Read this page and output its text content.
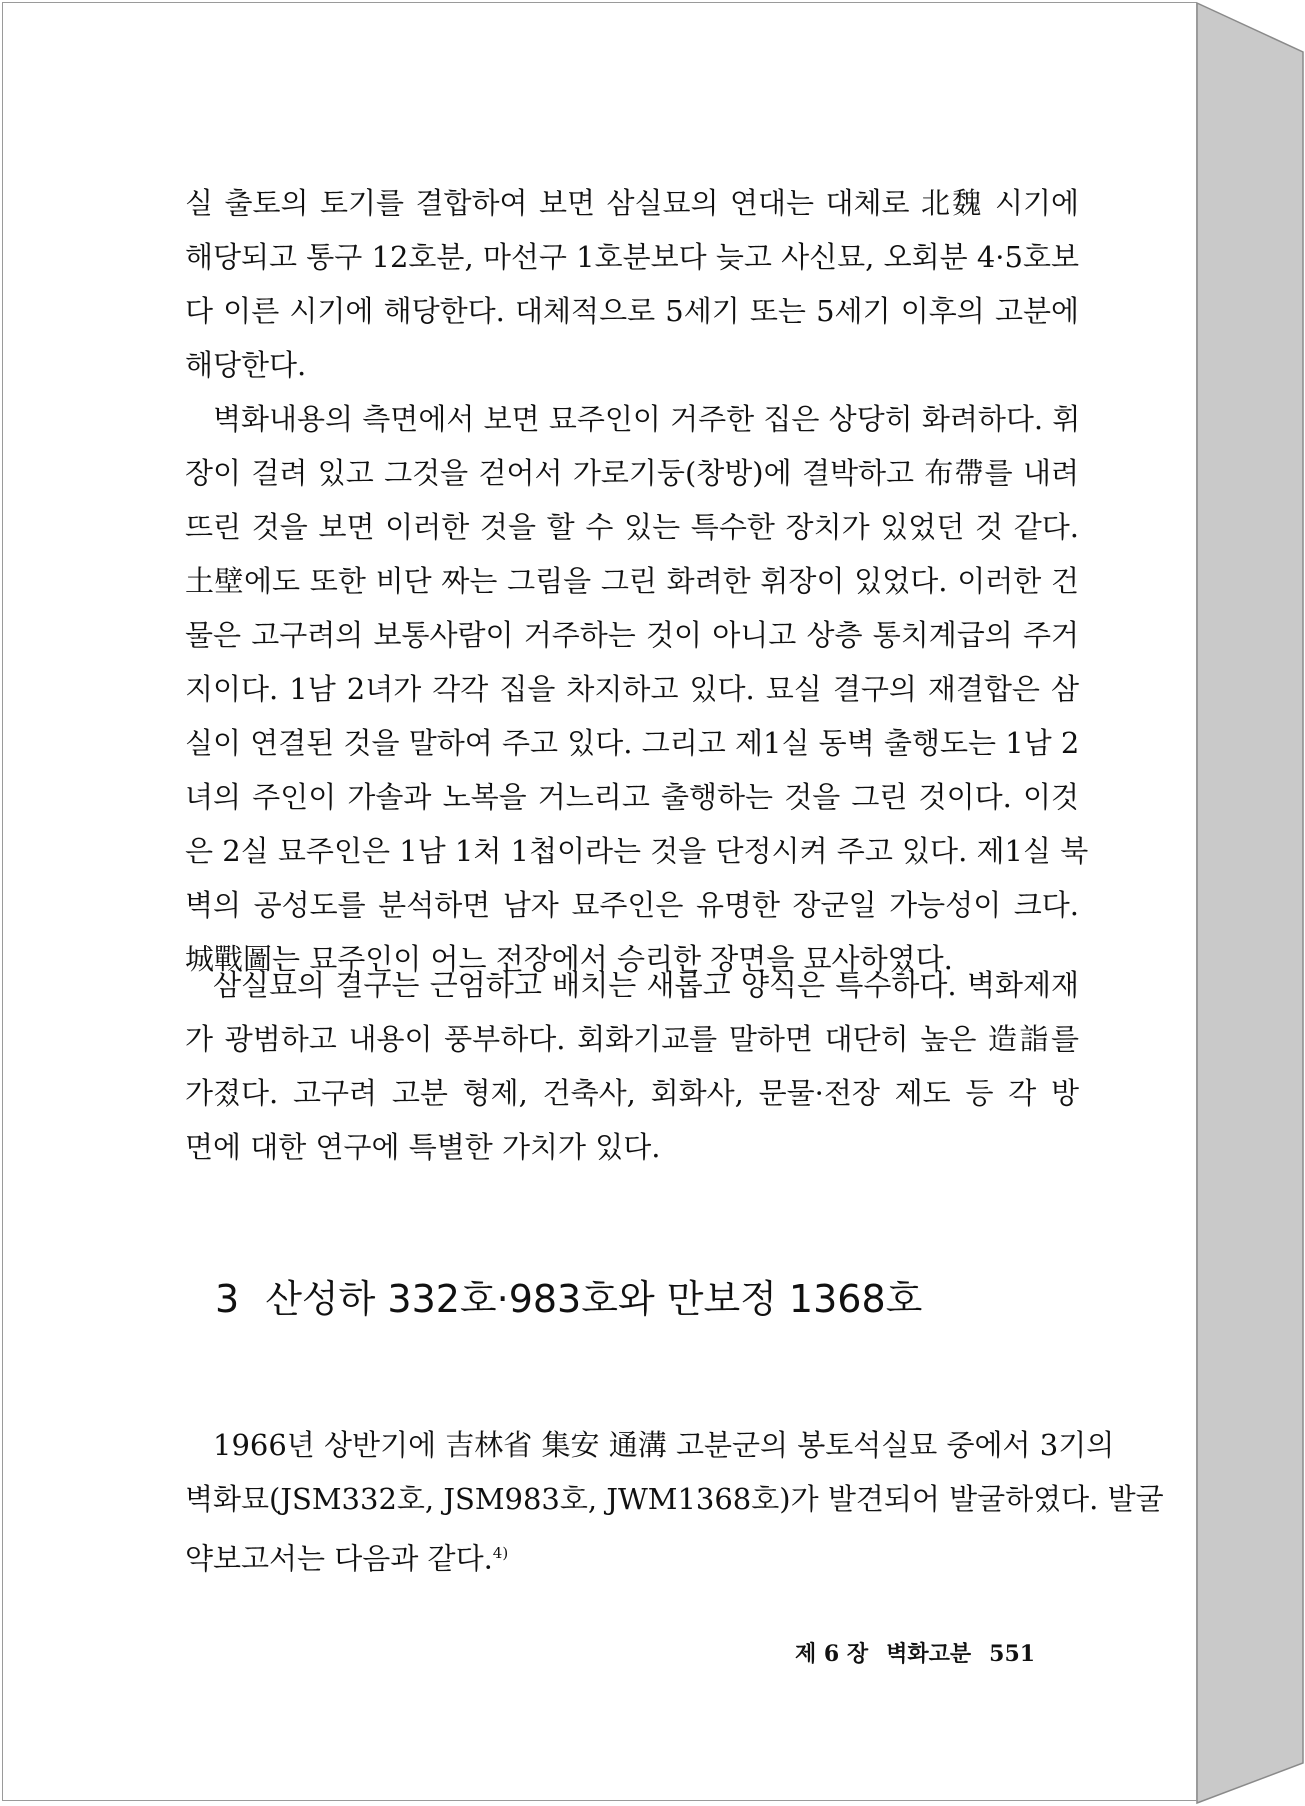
실 출토의 토기를 결합하여 보면 삼실묘의 연대는 대체로 北魏 시기에
해당되고 통구 12호분, 마선구 1호분보다 늦고 사신묘, 오회분 4·5호보
다 이른 시기에 해당한다. 대체적으로 5세기 또는 5세기 이후의 고분에
해당한다.

벽화내용의 측면에서 보면 묘주인이 거주한 집은 상당히 화려하다. 휘
장이 걸려 있고 그것을 걷어서 가로기둥(창방)에 결박하고 布帶를 내려
뜨린 것을 보면 이러한 것을 할 수 있는 특수한 장치가 있었던 것 같다.
土壁에도 또한 비단 짜는 그림을 그린 화려한 휘장이 있었다. 이러한 건
물은 고구려의 보통사람이 거주하는 것이 아니고 상층 통치계급의 주거
지이다. 1남 2녀가 각각 집을 차지하고 있다. 묘실 결구의 재결합은 삼
실이 연결된 것을 말하여 주고 있다. 그리고 제1실 동벽 출행도는 1남 2
녀의 주인이 가솔과 노복을 거느리고 출행하는 것을 그린 것이다. 이것
은 2실 묘주인은 1남 1처 1첩이라는 것을 단정시켜 주고 있다. 제1실 북
벽의 공성도를 분석하면 남자 묘주인은 유명한 장군일 가능성이 크다.
城戰圖는 묘주인이 어느 전장에서 승리한 장면을 묘사하였다.

삼실묘의 결구는 근엄하고 배치는 새롭고 양식은 특수하다. 벽화제재
가 광범하고 내용이 풍부하다. 회화기교를 말하면 대단히 높은 造詣를
가졌다. 고구려 고분 형제, 건축사, 회화사, 문물·전장 제도 등 각 방
면에 대한 연구에 특별한 가치가 있다.

3 산성하 332호·983호와 만보정 1368호

1966년 상반기에 吉林省 集安 通溝 고분군의 봉토석실묘 중에서 3기의
벽화묘(JSM332호, JSM983호, JWM1368호)가 발견되어 발굴하였다. 발굴
약보고서는 다음과 같다.$^{4)}$

제 6 장 벽화고분 551
